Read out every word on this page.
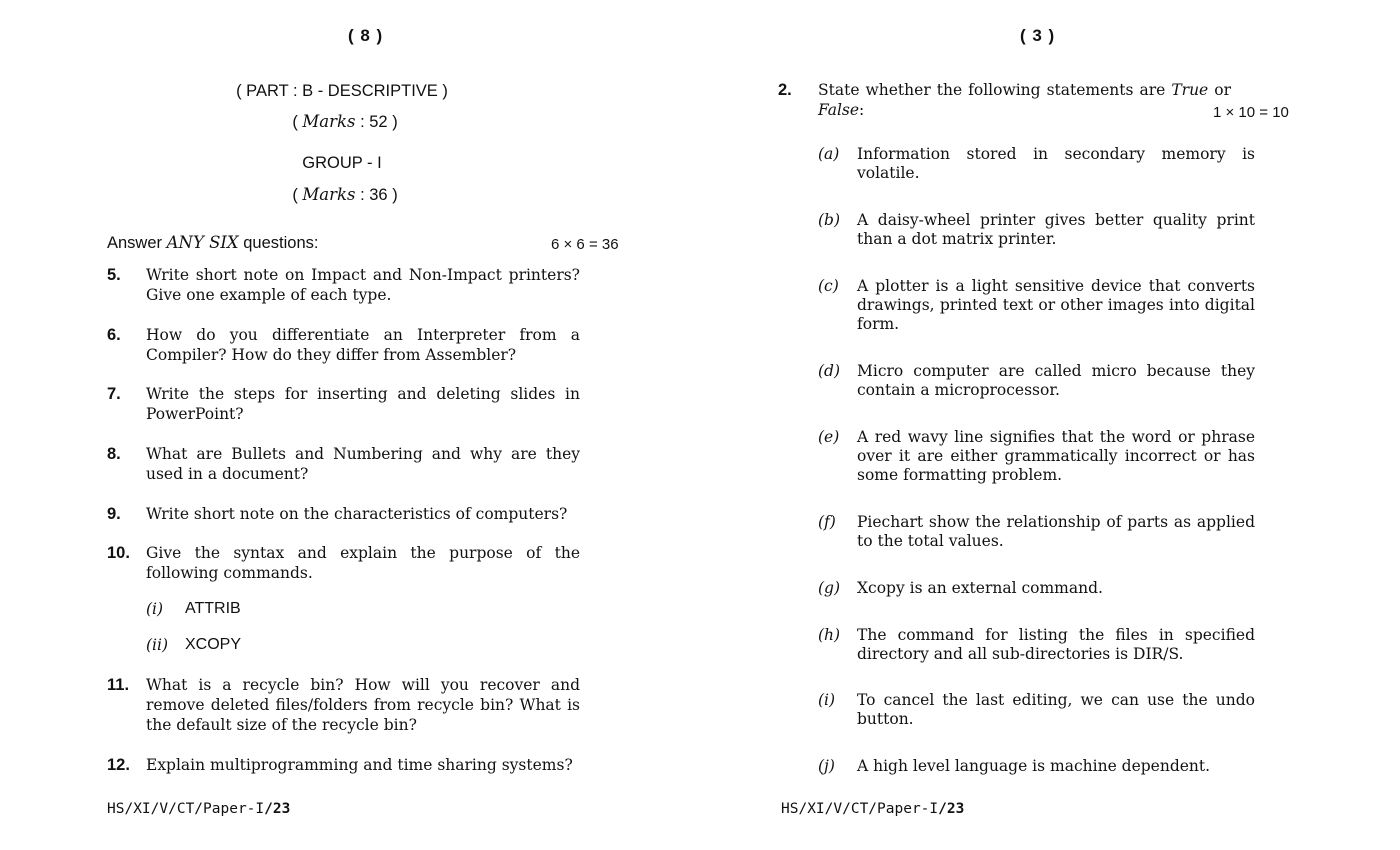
( 8 )
( PART : B - DESCRIPTIVE )
( Marks : 52 )
GROUP - I
( Marks : 36 )
Answer ANY SIX questions:	6 × 6 = 36
5. Write short note on Impact and Non-Impact printers? Give one example of each type.
6. How do you differentiate an Interpreter from a Compiler? How do they differ from Assembler?
7. Write the steps for inserting and deleting slides in PowerPoint?
8. What are Bullets and Numbering and why are they used in a document?
9. Write short note on the characteristics of computers?
10. Give the syntax and explain the purpose of the following commands.
(i) ATTRIB
(ii) XCOPY
11. What is a recycle bin? How will you recover and remove deleted files/folders from recycle bin? What is the default size of the recycle bin?
12. Explain multiprogramming and time sharing systems?
HS/XI/V/CT/Paper-I/23
( 3 )
2. State whether the following statements are True or False:	1 × 10 = 10
(a) Information stored in secondary memory is volatile.
(b) A daisy-wheel printer gives better quality print than a dot matrix printer.
(c) A plotter is a light sensitive device that converts drawings, printed text or other images into digital form.
(d) Micro computer are called micro because they contain a microprocessor.
(e) A red wavy line signifies that the word or phrase over it are either grammatically incorrect or has some formatting problem.
(f) Piechart show the relationship of parts as applied to the total values.
(g) Xcopy is an external command.
(h) The command for listing the files in specified directory and all sub-directories is DIR/S.
(i) To cancel the last editing, we can use the undo button.
(j) A high level language is machine dependent.
HS/XI/V/CT/Paper-I/23
